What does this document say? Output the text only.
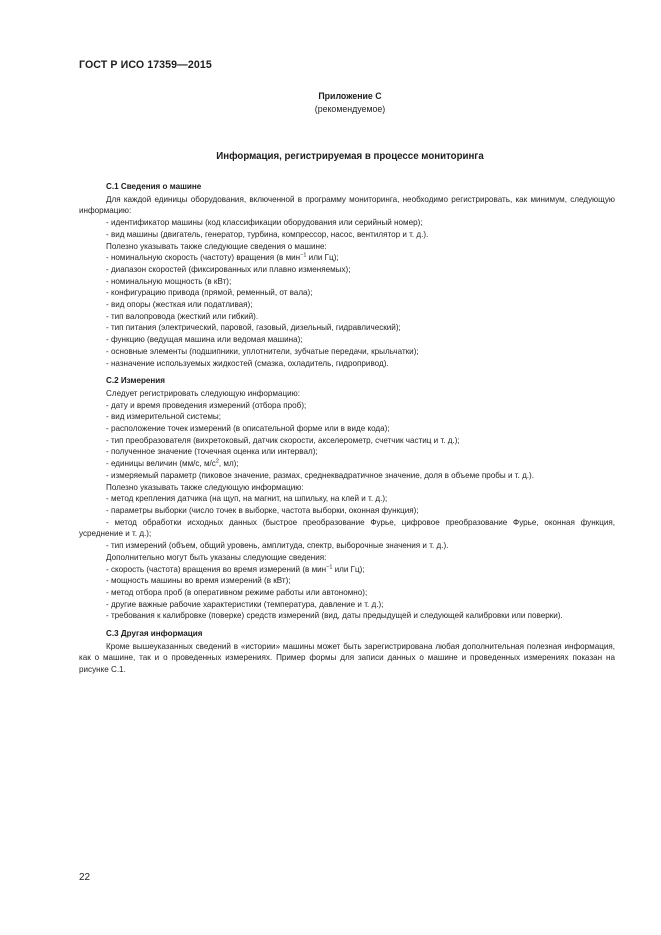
ГОСТ Р ИСО 17359—2015
Приложение С
(рекомендуемое)
Информация, регистрируемая в процессе мониторинга

С.1 Сведения о машине

Для каждой единицы оборудования, включенной в программу мониторинга, необходимо регистрировать, как минимум, следующую информацию:

- идентификатор машины (код классификации оборудования или серийный номер);

- вид машины (двигатель, генератор, турбина, компрессор, насос, вентилятор и т. д.).

Полезно указывать также следующие сведения о машине:

- номинальную скорость (частоту) вращения (в мин$^{-1}$ или Гц);

- диапазон скоростей (фиксированных или плавно изменяемых);

- номинальную мощность (в кВт);

- конфигурацию привода (прямой, ременный, от вала);

- вид опоры (жесткая или податливая);

- тип валопровода (жесткий или гибкий).

- тип питания (электрический, паровой, газовый, дизельный, гидравлический);

- функцию (ведущая машина или ведомая машина);

- основные элементы (подшипники, уплотнители, зубчатые передачи, крыльчатки);

- назначение используемых жидкостей (смазка, охладитель, гидропривод).

С.2 Измерения

Следует регистрировать следующую информацию:

- дату и время проведения измерений (отбора проб);

- вид измерительной системы;

- расположение точек измерений (в описательной форме или в виде кода);

- тип преобразователя (вихретоковый, датчик скорости, акселерометр, счетчик частиц и т. д.);

- полученное значение (точечная оценка или интервал);

- единицы величин (мм/с, $м/с^2$, мл);

- измеряемый параметр (пиковое значение, размах, среднеквадратичное значение, доля в объеме пробы и т. д.).

Полезно указывать также следующую информацию:

- метод крепления датчика (на щуп, на магнит, на шпильку, на клей и т. д.);

- параметры выборки (число точек в выборке, частота выборки, оконная функция);

- метод обработки исходных данных (быстрое преобразование Фурье, цифровое преобразование Фурье, оконная функция, усреднение и т. д.);

- тип измерений (объем, общий уровень, амплитуда, спектр, выборочные значения и т. д.).

Дополнительно могут быть указаны следующие сведения:

- скорость (частота) вращения во время измерений (в мин$^{-1}$ или Гц);

- мощность машины во время измерений (в кВт);

- метод отбора проб (в оперативном режиме работы или автономно);

- другие важные рабочие характеристики (температура, давление и т. д.);

- требования к калибровке (поверке) средств измерений (вид, даты предыдущей и следующей калибровки или поверки).

С.3 Другая информация

Кроме вышеуказанных сведений в «истории» машины может быть зарегистрирована любая дополнительная полезная информация, как о машине, так и о проведенных измерениях. Пример формы для записи данных о машине и проведенных измерениях показан на рисунке С.1.

22
